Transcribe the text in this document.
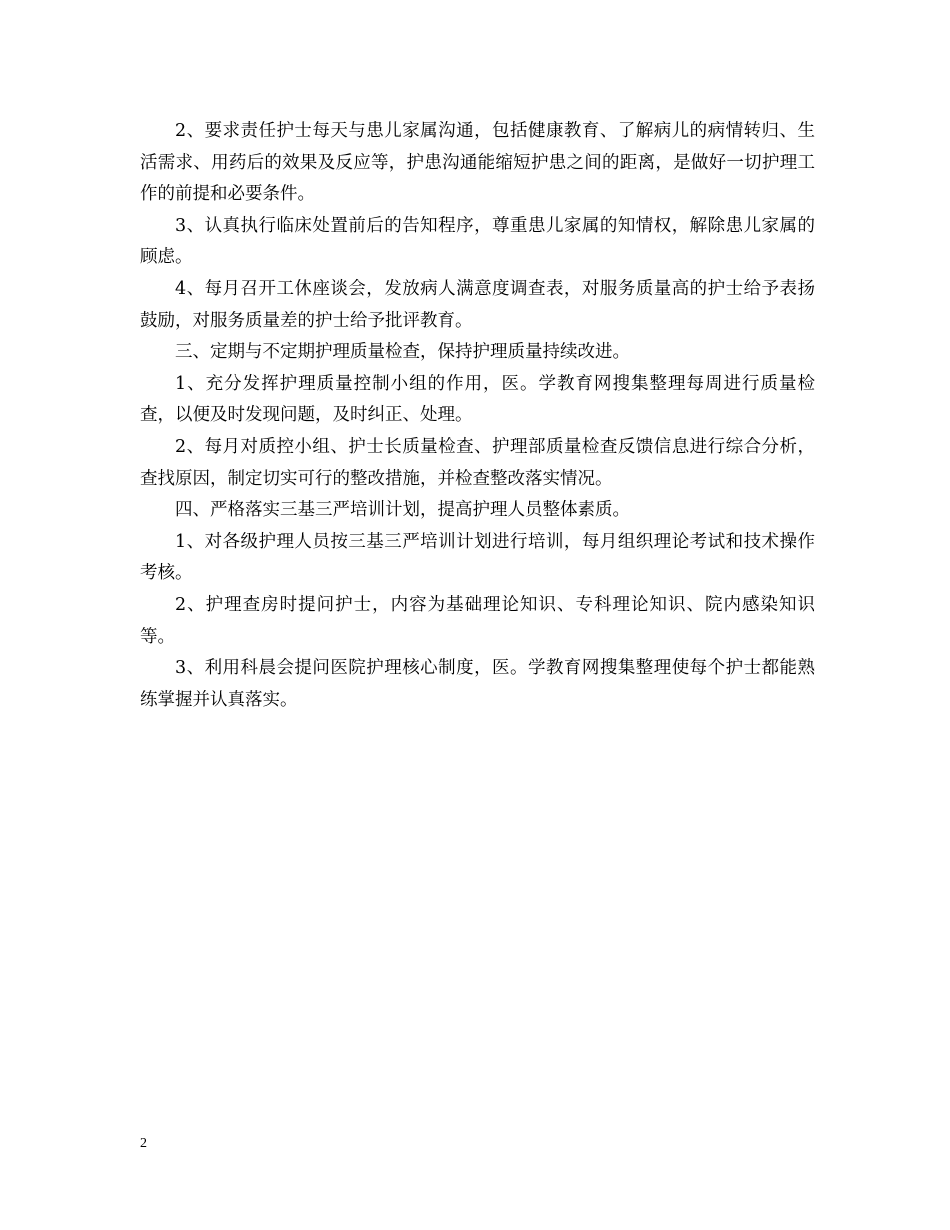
2、要求责任护士每天与患儿家属沟通，包括健康教育、了解病儿的病情转归、生活需求、用药后的效果及反应等，护患沟通能缩短护患之间的距离，是做好一切护理工作的前提和必要条件。

3、认真执行临床处置前后的告知程序，尊重患儿家属的知情权，解除患儿家属的顾虑。

4、每月召开工休座谈会，发放病人满意度调查表，对服务质量高的护士给予表扬鼓励，对服务质量差的护士给予批评教育。

三、定期与不定期护理质量检查，保持护理质量持续改进。

1、充分发挥护理质量控制小组的作用，医。学教育网搜集整理每周进行质量检查，以便及时发现问题，及时纠正、处理。

2、每月对质控小组、护士长质量检查、护理部质量检查反馈信息进行综合分析，查找原因，制定切实可行的整改措施，并检查整改落实情况。

四、严格落实三基三严培训计划，提高护理人员整体素质。

1、对各级护理人员按三基三严培训计划进行培训，每月组织理论考试和技术操作考核。

2、护理查房时提问护士，内容为基础理论知识、专科理论知识、院内感染知识等。

3、利用科晨会提问医院护理核心制度，医。学教育网搜集整理使每个护士都能熟练掌握并认真落实。

2
